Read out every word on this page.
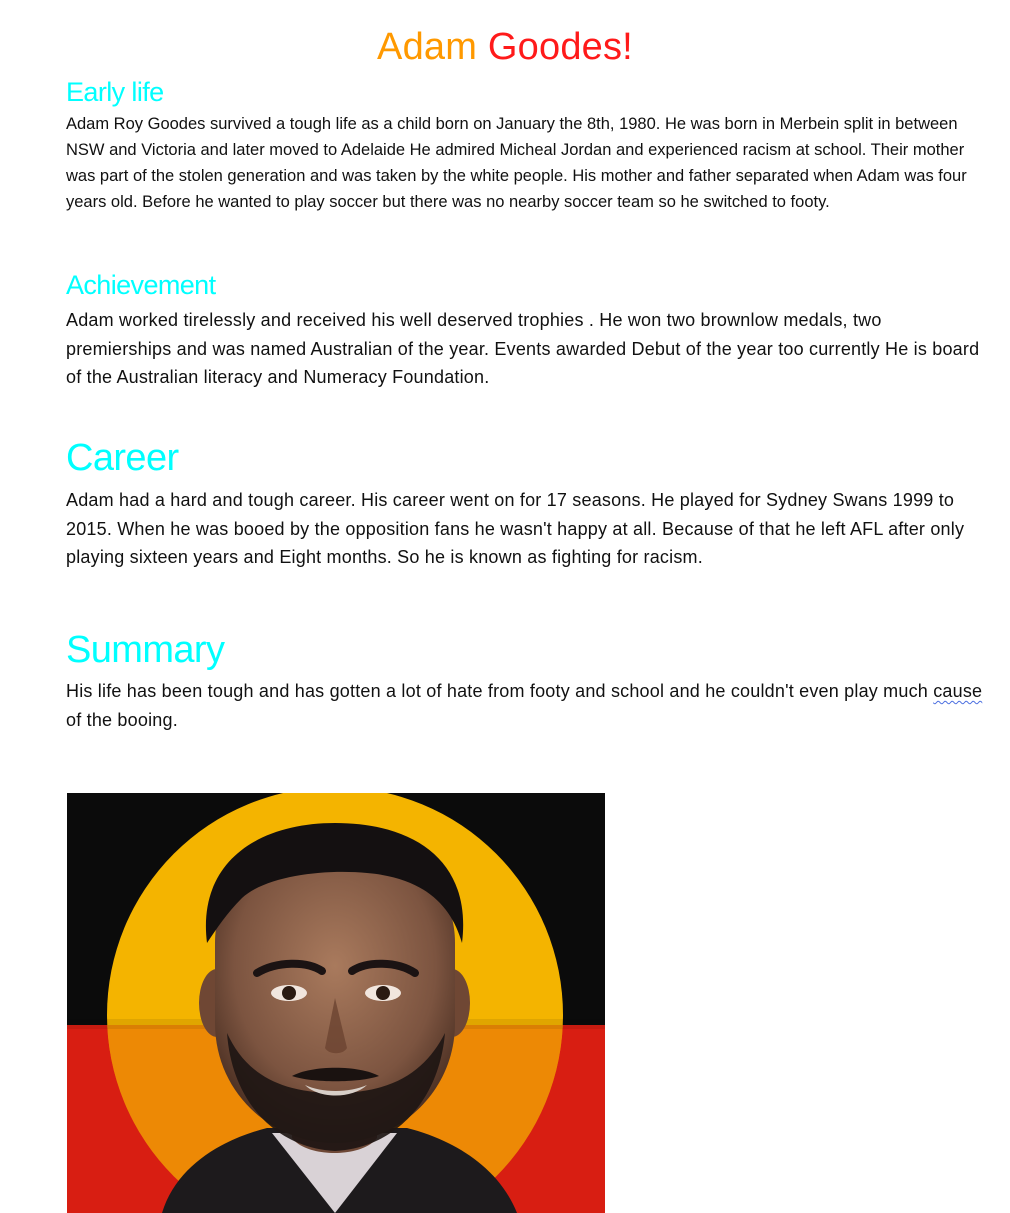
Adam Goodes!
Early life

Adam Roy Goodes survived a tough life as a child born on January the 8th, 1980. He was born in Merbein split in between NSW and Victoria and later moved to Adelaide He admired Micheal Jordan and experienced racism at school. Their mother was part of the stolen generation and was taken by the white people. His mother and father separated when Adam was four years old. Before he wanted to play soccer but there was no nearby soccer team so he switched to footy.

Achievement

Adam worked tirelessly and received his well deserved trophies . He won two brownlow medals, two premierships and was named Australian of the year. Events awarded Debut of the year too currently He is board of the Australian literacy and Numeracy Foundation.

Career

Adam had a hard and tough career. His career went on for 17 seasons. He played for Sydney Swans 1999 to 2015. When he was booed by the opposition fans he wasn't happy at all. Because of that he left AFL after only playing sixteen years and Eight months. So he is known as fighting for racism.

Summary

His life has been tough and has gotten a lot of hate from footy and school and he couldn't even play much cause of the booing.
